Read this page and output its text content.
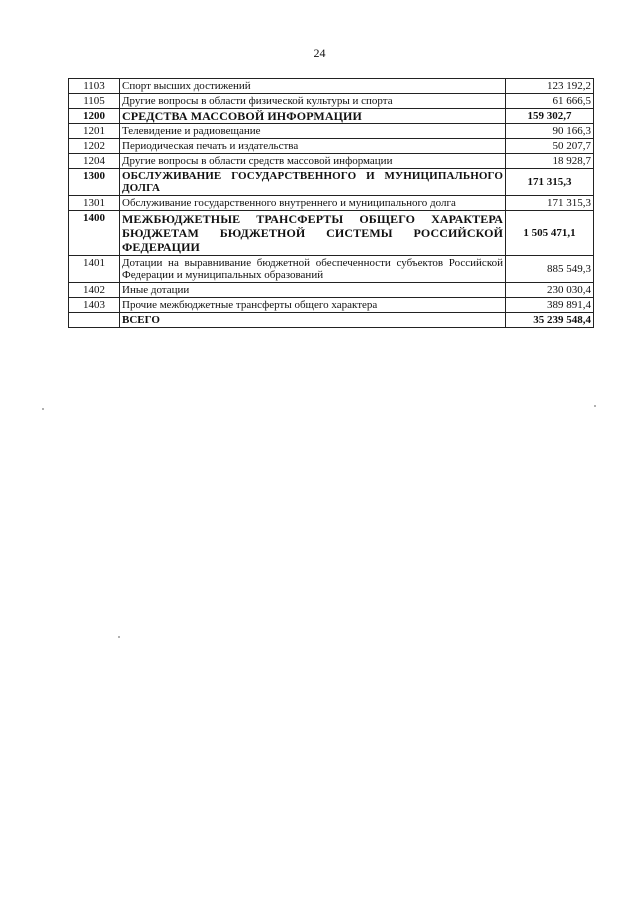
24
1103	Спорт высших достижений	123 192,2
1105	Другие вопросы в области физической культуры и спорта	61 666,5
1200	СРЕДСТВА МАССОВОЙ ИНФОРМАЦИИ	159 302,7
1201	Телевидение и радиовещание	90 166,3
1202	Периодическая печать и издательства	50 207,7
1204	Другие вопросы в области средств массовой информации	18 928,7
1300	ОБСЛУЖИВАНИЕ ГОСУДАРСТВЕННОГО И МУНИЦИПАЛЬНОГО ДОЛГА	171 315,3
1301	Обслуживание государственного внутреннего и муниципального долга	171 315,3
1400	МЕЖБЮДЖЕТНЫЕ ТРАНСФЕРТЫ ОБЩЕГО ХАРАКТЕРА БЮДЖЕТАМ БЮДЖЕТНОЙ СИСТЕМЫ РОССИЙСКОЙ ФЕДЕРАЦИИ	1 505 471,1
1401	Дотации на выравнивание бюджетной обеспеченности субъектов Российской Федерации и муниципальных образований	885 549,3
1402	Иные дотации	230 030,4
1403	Прочие межбюджетные трансферты общего характера	389 891,4
	ВСЕГО	35 239 548,4
